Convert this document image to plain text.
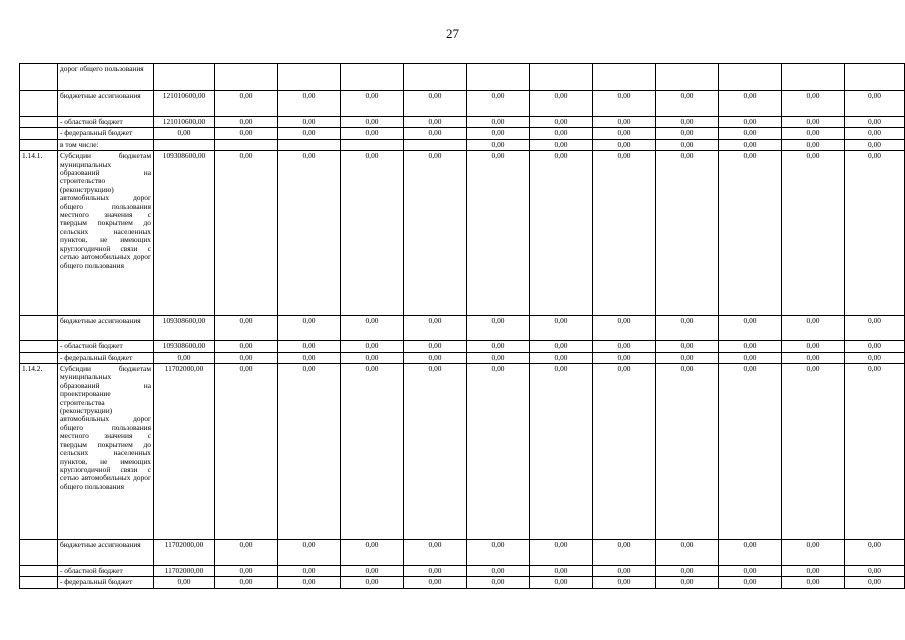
27
	дорог общего пользования													
	бюджетные ассигнования	121010600,00	0,00	0,00	0,00	0,00	0,00	0,00	0,00	0,00	0,00	0,00	0,00	
	- областной бюджет	121010600,00	0,00	0,00	0,00	0,00	0,00	0,00	0,00	0,00	0,00	0,00	0,00	
	- федеральный бюджет	0,00	0,00	0,00	0,00	0,00	0,00	0,00	0,00	0,00	0,00	0,00	0,00	
	в том числе:						0,00	0,00	0,00	0,00	0,00	0,00	0,00	
1.14.1.	Субсидии бюджетам муниципальных образований на строительство (реконструкцию) автомобильных дорог общего пользования местного значения с твердым покрытием до сельских населенных пунктов, не имеющих круглогодичной связи с сетью автомобильных дорог общего пользования	109308600,00	0,00	0,00	0,00	0,00	0,00	0,00	0,00	0,00	0,00	0,00	0,00	
	бюджетные ассигнования	109308600,00	0,00	0,00	0,00	0,00	0,00	0,00	0,00	0,00	0,00	0,00	0,00	
	- областной бюджет	109308600,00	0,00	0,00	0,00	0,00	0,00	0,00	0,00	0,00	0,00	0,00	0,00	
	- федеральный бюджет	0,00	0,00	0,00	0,00	0,00	0,00	0,00	0,00	0,00	0,00	0,00	0,00	
1.14.2.	Субсидии бюджетам муниципальных образований на проектирование строительства (реконструкции) автомобильных дорог общего пользования местного значения с твердым покрытием до сельских населенных пунктов, не имеющих круглогодичной связи с сетью автомобильных дорог общего пользования	11702000,00	0,00	0,00	0,00	0,00	0,00	0,00	0,00	0,00	0,00	0,00	0,00	
	бюджетные ассигнования	11702000,00	0,00	0,00	0,00	0,00	0,00	0,00	0,00	0,00	0,00	0,00	0,00	
	- областной бюджет	11702000,00	0,00	0,00	0,00	0,00	0,00	0,00	0,00	0,00	0,00	0,00	0,00	
	- федеральный бюджет	0,00	0,00	0,00	0,00	0,00	0,00	0,00	0,00	0,00	0,00	0,00	0,00	
